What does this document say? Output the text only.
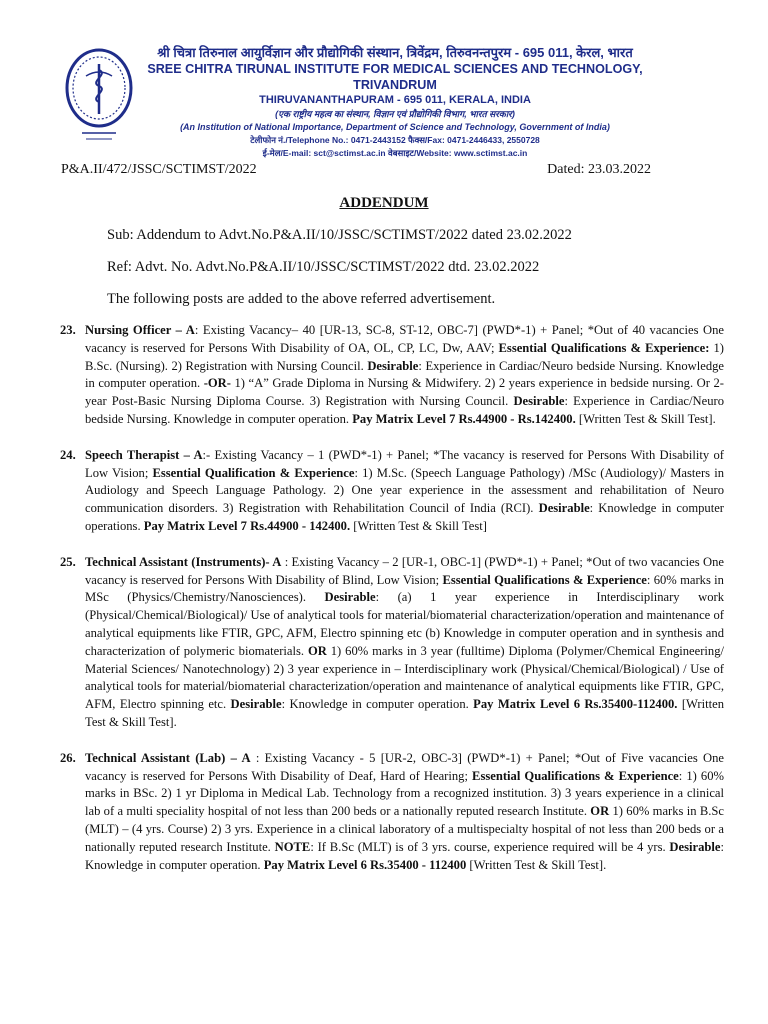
श्री चित्रा तिरुनाल आयुर्विज्ञान और प्रौद्योगिकी संस्थान, त्रिवेंद्रम, तिरुवनन्तपुरम - 695 011, केरल, भारत
SREE CHITRA TIRUNAL INSTITUTE FOR MEDICAL SCIENCES AND TECHNOLOGY, TRIVANDRUM
THIRUVANANTHAPURAM - 695 011, KERALA, INDIA
(एक राष्ट्रीय महत्व का संस्थान, विज्ञान एवं प्रौद्योगिकी विभाग, भारत सरकार)
(An Institution of National Importance, Department of Science and Technology, Government of India)
टेलीफोन नं./Telephone No.: 0471-2443152 फैक्स/Fax: 0471-2446433, 2550728
ई-मेल/E-mail: sct@sctimst.ac.in वेबसाइट/Website: www.sctimst.ac.in
P&A.II/472/JSSC/SCTIMST/2022	Dated: 23.03.2022
ADDENDUM
Sub: Addendum to Advt.No.P&A.II/10/JSSC/SCTIMST/2022 dated 23.02.2022
Ref: Advt. No. Advt.No.P&A.II/10/JSSC/SCTIMST/2022 dtd. 23.02.2022
The following posts are added to the above referred advertisement.
23. Nursing Officer – A: Existing Vacancy– 40 [UR-13, SC-8, ST-12, OBC-7] (PWD*-1) + Panel; *Out of 40 vacancies One vacancy is reserved for Persons With Disability of OA, OL, CP, LC, Dw, AAV; Essential Qualifications & Experience: 1) B.Sc. (Nursing). 2) Registration with Nursing Council. Desirable: Experience in Cardiac/Neuro bedside Nursing. Knowledge in computer operation. -OR- 1) “A” Grade Diploma in Nursing & Midwifery. 2) 2 years experience in bedside nursing. Or 2-year Post-Basic Nursing Diploma Course. 3) Registration with Nursing Council. Desirable: Experience in Cardiac/Neuro bedside Nursing. Knowledge in computer operation. Pay Matrix Level 7 Rs.44900 - Rs.142400. [Written Test & Skill Test].
24. Speech Therapist – A:- Existing Vacancy – 1 (PWD*-1) + Panel; *The vacancy is reserved for Persons With Disability of Low Vision; Essential Qualification & Experience: 1) M.Sc. (Speech Language Pathology) /MSc (Audiology)/ Masters in Audiology and Speech Language Pathology. 2) One year experience in the assessment and rehabilitation of Neuro communication disorders. 3) Registration with Rehabilitation Council of India (RCI). Desirable: Knowledge in computer operations. Pay Matrix Level 7 Rs.44900 - 142400. [Written Test & Skill Test]
25. Technical Assistant (Instruments)- A : Existing Vacancy – 2 [UR-1, OBC-1] (PWD*-1) + Panel; *Out of two vacancies One vacancy is reserved for Persons With Disability of Blind, Low Vision; Essential Qualifications & Experience: 60% marks in MSc (Physics/Chemistry/Nanosciences). Desirable: (a) 1 year experience in Interdisciplinary work (Physical/Chemical/Biological)/ Use of analytical tools for material/biomaterial characterization/operation and maintenance of analytical equipments like FTIR, GPC, AFM, Electro spinning etc (b) Knowledge in computer operation and in synthesis and characterization of polymeric biomaterials. OR 1) 60% marks in 3 year (fulltime) Diploma (Polymer/Chemical Engineering/ Material Sciences/ Nanotechnology) 2) 3 year experience in – Interdisciplinary work (Physical/Chemical/Biological) / Use of analytical tools for material/biomaterial characterization/operation and maintenance of analytical equipments like FTIR, GPC, AFM, Electro spinning etc. Desirable: Knowledge in computer operation. Pay Matrix Level 6 Rs.35400-112400. [Written Test & Skill Test].
26. Technical Assistant (Lab) – A : Existing Vacancy - 5 [UR-2, OBC-3] (PWD*-1) + Panel; *Out of Five vacancies One vacancy is reserved for Persons With Disability of Deaf, Hard of Hearing; Essential Qualifications & Experience: 1) 60% marks in BSc. 2) 1 yr Diploma in Medical Lab. Technology from a recognized institution. 3) 3 years experience in a clinical lab of a multi speciality hospital of not less than 200 beds or a nationally reputed research Institute. OR 1) 60% marks in B.Sc (MLT) – (4 yrs. Course) 2) 3 yrs. Experience in a clinical laboratory of a multispecialty hospital of not less than 200 beds or a nationally reputed research Institute. NOTE: If B.Sc (MLT) is of 3 yrs. course, experience required will be 4 yrs. Desirable: Knowledge in computer operation. Pay Matrix Level 6 Rs.35400 - 112400 [Written Test & Skill Test].
